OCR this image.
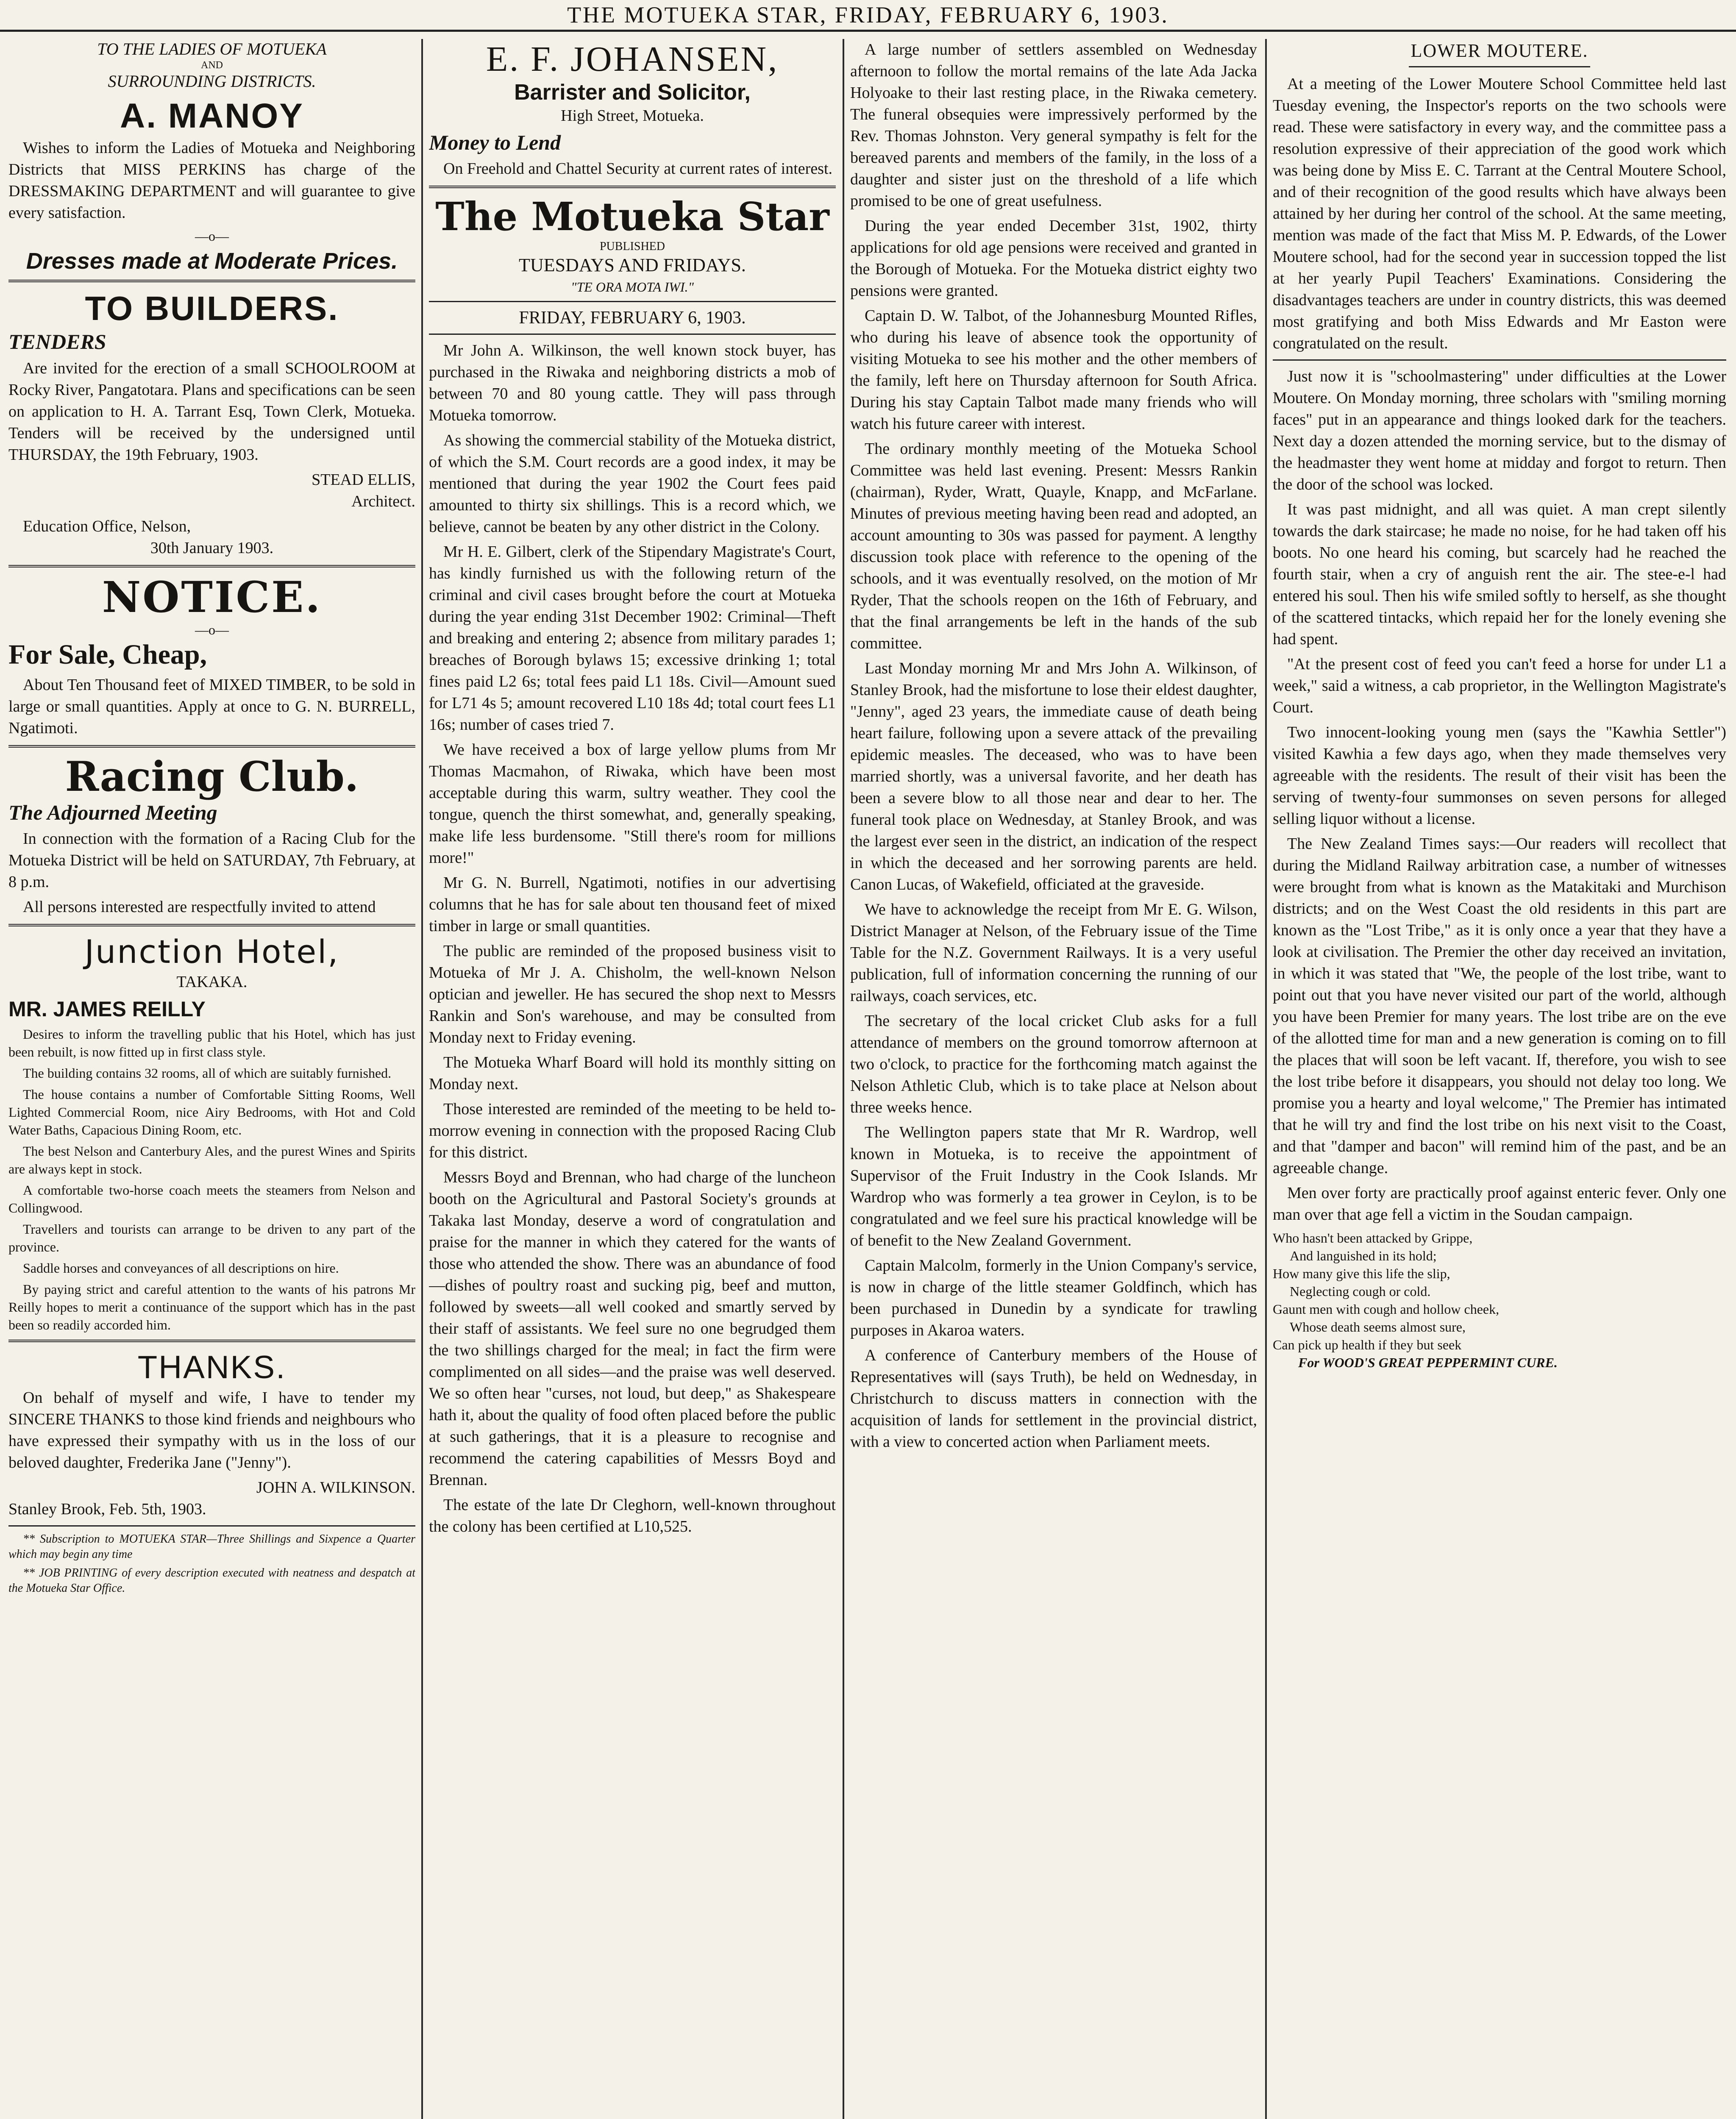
THE MOTUEKA STAR, FRIDAY, FEBRUARY 6, 1903.

TO THE LADIES OF MOTUEKA

AND

SURROUNDING DISTRICTS.

A. MANOY

Wishes to inform the Ladies of Motueka and Neighboring Districts that MISS PERKINS has charge of the DRESSMAKING DEPARTMENT and will guarantee to give every satisfaction.

—o—

Dresses made at Moderate Prices.

TO BUILDERS.

TENDERS

Are invited for the erection of a small SCHOOLROOM at Rocky River, Pangatotara. Plans and specifications can be seen on application to H. A. Tarrant Esq, Town Clerk, Motueka. Tenders will be received by the undersigned until THURSDAY, the 19th February, 1903.

STEAD ELLIS,

Architect.

Education Office, Nelson,

30th January 1903.

NOTICE.

—o—

For Sale, Cheap,

About Ten Thousand feet of MIXED TIMBER, to be sold in large or small quantities. Apply at once to G. N. BURRELL, Ngatimoti.

Racing Club.

The Adjourned Meeting

In connection with the formation of a Racing Club for the Motueka District will be held on SATURDAY, 7th February, at 8 p.m.

All persons interested are respectfully invited to attend

Junction Hotel,

TAKAKA.

MR. JAMES REILLY

Desires to inform the travelling public that his Hotel, which has just been rebuilt, is now fitted up in first class style.

The building contains 32 rooms, all of which are suitably furnished.

The house contains a number of Comfortable Sitting Rooms, Well Lighted Commercial Room, nice Airy Bedrooms, with Hot and Cold Water Baths, Capacious Dining Room, etc.

The best Nelson and Canterbury Ales, and the purest Wines and Spirits are always kept in stock.

A comfortable two-horse coach meets the steamers from Nelson and Collingwood.

Travellers and tourists can arrange to be driven to any part of the province.

Saddle horses and conveyances of all descriptions on hire.

By paying strict and careful attention to the wants of his patrons Mr Reilly hopes to merit a continuance of the support which has in the past been so readily accorded him.

THANKS.

On behalf of myself and wife, I have to tender my SINCERE THANKS to those kind friends and neighbours who have expressed their sympathy with us in the loss of our beloved daughter, Frederika Jane ("Jenny").

JOHN A. WILKINSON.

Stanley Brook, Feb. 5th, 1903.

** Subscription to MOTUEKA STAR—Three Shillings and Sixpence a Quarter which may begin any time

** JOB PRINTING of every description executed with neatness and despatch at the Motueka Star Office.

E. F. JOHANSEN,
Barrister and Solicitor,

High Street, Motueka.

Money to Lend

On Freehold and Chattel Security at current rates of interest.

The Motueka Star

PUBLISHED

TUESDAYS AND FRIDAYS.

"TE ORA MOTA IWI."

FRIDAY, FEBRUARY 6, 1903.

Mr John A. Wilkinson, the well known stock buyer, has purchased in the Riwaka and neighboring districts a mob of between 70 and 80 young cattle. They will pass through Motueka tomorrow.

As showing the commercial stability of the Motueka district, of which the S.M. Court records are a good index, it may be mentioned that during the year 1902 the Court fees paid amounted to thirty six shillings. This is a record which, we believe, cannot be beaten by any other district in the Colony.

Mr H. E. Gilbert, clerk of the Stipendary Magistrate's Court, has kindly furnished us with the following return of the criminal and civil cases brought before the court at Motueka during the year ending 31st December 1902: Criminal—Theft and breaking and entering 2; absence from military parades 1; breaches of Borough bylaws 15; excessive drinking 1; total fines paid L2 6s; total fees paid L1 18s. Civil—Amount sued for L71 4s 5; amount recovered L10 18s 4d; total court fees L1 16s; number of cases tried 7.

We have received a box of large yellow plums from Mr Thomas Macmahon, of Riwaka, which have been most acceptable during this warm, sultry weather. They cool the tongue, quench the thirst somewhat, and, generally speaking, make life less burdensome. "Still there's room for millions more!"

Mr G. N. Burrell, Ngatimoti, notifies in our advertising columns that he has for sale about ten thousand feet of mixed timber in large or small quantities.

The public are reminded of the proposed business visit to Motueka of Mr J. A. Chisholm, the well-known Nelson optician and jeweller. He has secured the shop next to Messrs Rankin and Son's warehouse, and may be consulted from Monday next to Friday evening.

The Motueka Wharf Board will hold its monthly sitting on Monday next.

Those interested are reminded of the meeting to be held to-morrow evening in connection with the proposed Racing Club for this district.

Messrs Boyd and Brennan, who had charge of the luncheon booth on the Agricultural and Pastoral Society's grounds at Takaka last Monday, deserve a word of congratulation and praise for the manner in which they catered for the wants of those who attended the show. There was an abundance of food—dishes of poultry roast and sucking pig, beef and mutton, followed by sweets—all well cooked and smartly served by their staff of assistants. We feel sure no one begrudged them the two shillings charged for the meal; in fact the firm were complimented on all sides—and the praise was well deserved. We so often hear "curses, not loud, but deep," as Shakespeare hath it, about the quality of food often placed before the public at such gatherings, that it is a pleasure to recognise and recommend the catering capabilities of Messrs Boyd and Brennan.

The estate of the late Dr Cleghorn, well-known throughout the colony has been certified at L10,525.

A large number of settlers assembled on Wednesday afternoon to follow the mortal remains of the late Ada Jacka Holyoake to their last resting place, in the Riwaka cemetery. The funeral obsequies were impressively performed by the Rev. Thomas Johnston. Very general sympathy is felt for the bereaved parents and members of the family, in the loss of a daughter and sister just on the threshold of a life which promised to be one of great usefulness.

During the year ended December 31st, 1902, thirty applications for old age pensions were received and granted in the Borough of Motueka. For the Motueka district eighty two pensions were granted.

Captain D. W. Talbot, of the Johannesburg Mounted Rifles, who during his leave of absence took the opportunity of visiting Motueka to see his mother and the other members of the family, left here on Thursday afternoon for South Africa. During his stay Captain Talbot made many friends who will watch his future career with interest.

The ordinary monthly meeting of the Motueka School Committee was held last evening. Present: Messrs Rankin (chairman), Ryder, Wratt, Quayle, Knapp, and McFarlane. Minutes of previous meeting having been read and adopted, an account amounting to 30s was passed for payment. A lengthy discussion took place with reference to the opening of the schools, and it was eventually resolved, on the motion of Mr Ryder, That the schools reopen on the 16th of February, and that the final arrangements be left in the hands of the sub committee.

Last Monday morning Mr and Mrs John A. Wilkinson, of Stanley Brook, had the misfortune to lose their eldest daughter, "Jenny", aged 23 years, the immediate cause of death being heart failure, following upon a severe attack of the prevailing epidemic measles. The deceased, who was to have been married shortly, was a universal favorite, and her death has been a severe blow to all those near and dear to her. The funeral took place on Wednesday, at Stanley Brook, and was the largest ever seen in the district, an indication of the respect in which the deceased and her sorrowing parents are held. Canon Lucas, of Wakefield, officiated at the graveside.

We have to acknowledge the receipt from Mr E. G. Wilson, District Manager at Nelson, of the February issue of the Time Table for the N.Z. Government Railways. It is a very useful publication, full of information concerning the running of our railways, coach services, etc.

The secretary of the local cricket Club asks for a full attendance of members on the ground tomorrow afternoon at two o'clock, to practice for the forthcoming match against the Nelson Athletic Club, which is to take place at Nelson about three weeks hence.

The Wellington papers state that Mr R. Wardrop, well known in Motueka, is to receive the appointment of Supervisor of the Fruit Industry in the Cook Islands. Mr Wardrop who was formerly a tea grower in Ceylon, is to be congratulated and we feel sure his practical knowledge will be of benefit to the New Zealand Government.

Captain Malcolm, formerly in the Union Company's service, is now in charge of the little steamer Goldfinch, which has been purchased in Dunedin by a syndicate for trawling purposes in Akaroa waters.

A conference of Canterbury members of the House of Representatives will (says Truth), be held on Wednesday, in Christchurch to discuss matters in connection with the acquisition of lands for settlement in the provincial district, with a view to concerted action when Parliament meets.

LOWER MOUTERE.

At a meeting of the Lower Moutere School Committee held last Tuesday evening, the Inspector's reports on the two schools were read. These were satisfactory in every way, and the committee pass a resolution expressive of their appreciation of the good work which was being done by Miss E. C. Tarrant at the Central Moutere School, and of their recognition of the good results which have always been attained by her during her control of the school. At the same meeting, mention was made of the fact that Miss M. P. Edwards, of the Lower Moutere school, had for the second year in succession topped the list at her yearly Pupil Teachers' Examinations. Considering the disadvantages teachers are under in country districts, this was deemed most gratifying and both Miss Edwards and Mr Easton were congratulated on the result.

Just now it is "schoolmastering" under difficulties at the Lower Moutere. On Monday morning, three scholars with "smiling morning faces" put in an appearance and things looked dark for the teachers. Next day a dozen attended the morning service, but to the dismay of the headmaster they went home at midday and forgot to return. Then the door of the school was locked.

It was past midnight, and all was quiet. A man crept silently towards the dark staircase; he made no noise, for he had taken off his boots. No one heard his coming, but scarcely had he reached the fourth stair, when a cry of anguish rent the air. The stee-e-l had entered his soul. Then his wife smiled softly to herself, as she thought of the scattered tintacks, which repaid her for the lonely evening she had spent.

"At the present cost of feed you can't feed a horse for under L1 a week," said a witness, a cab proprietor, in the Wellington Magistrate's Court.

Two innocent-looking young men (says the "Kawhia Settler") visited Kawhia a few days ago, when they made themselves very agreeable with the residents. The result of their visit has been the serving of twenty-four summonses on seven persons for alleged selling liquor without a license.

The New Zealand Times says:—Our readers will recollect that during the Midland Railway arbitration case, a number of witnesses were brought from what is known as the Matakitaki and Murchison districts; and on the West Coast the old residents in this part are known as the "Lost Tribe," as it is only once a year that they have a look at civilisation. The Premier the other day received an invitation, in which it was stated that "We, the people of the lost tribe, want to point out that you have never visited our part of the world, although you have been Premier for many years. The lost tribe are on the eve of the allotted time for man and a new generation is coming on to fill the places that will soon be left vacant. If, therefore, you wish to see the lost tribe before it disappears, you should not delay too long. We promise you a hearty and loyal welcome," The Premier has intimated that he will try and find the lost tribe on his next visit to the Coast, and that "damper and bacon" will remind him of the past, and be an agreeable change.

Men over forty are practically proof against enteric fever. Only one man over that age fell a victim in the Soudan campaign.

Who hasn't been attacked by Grippe,

And languished in its hold;

How many give this life the slip,

Neglecting cough or cold.

Gaunt men with cough and hollow cheek,

Whose death seems almost sure,

Can pick up health if they but seek

For WOOD'S GREAT PEPPERMINT CURE.
